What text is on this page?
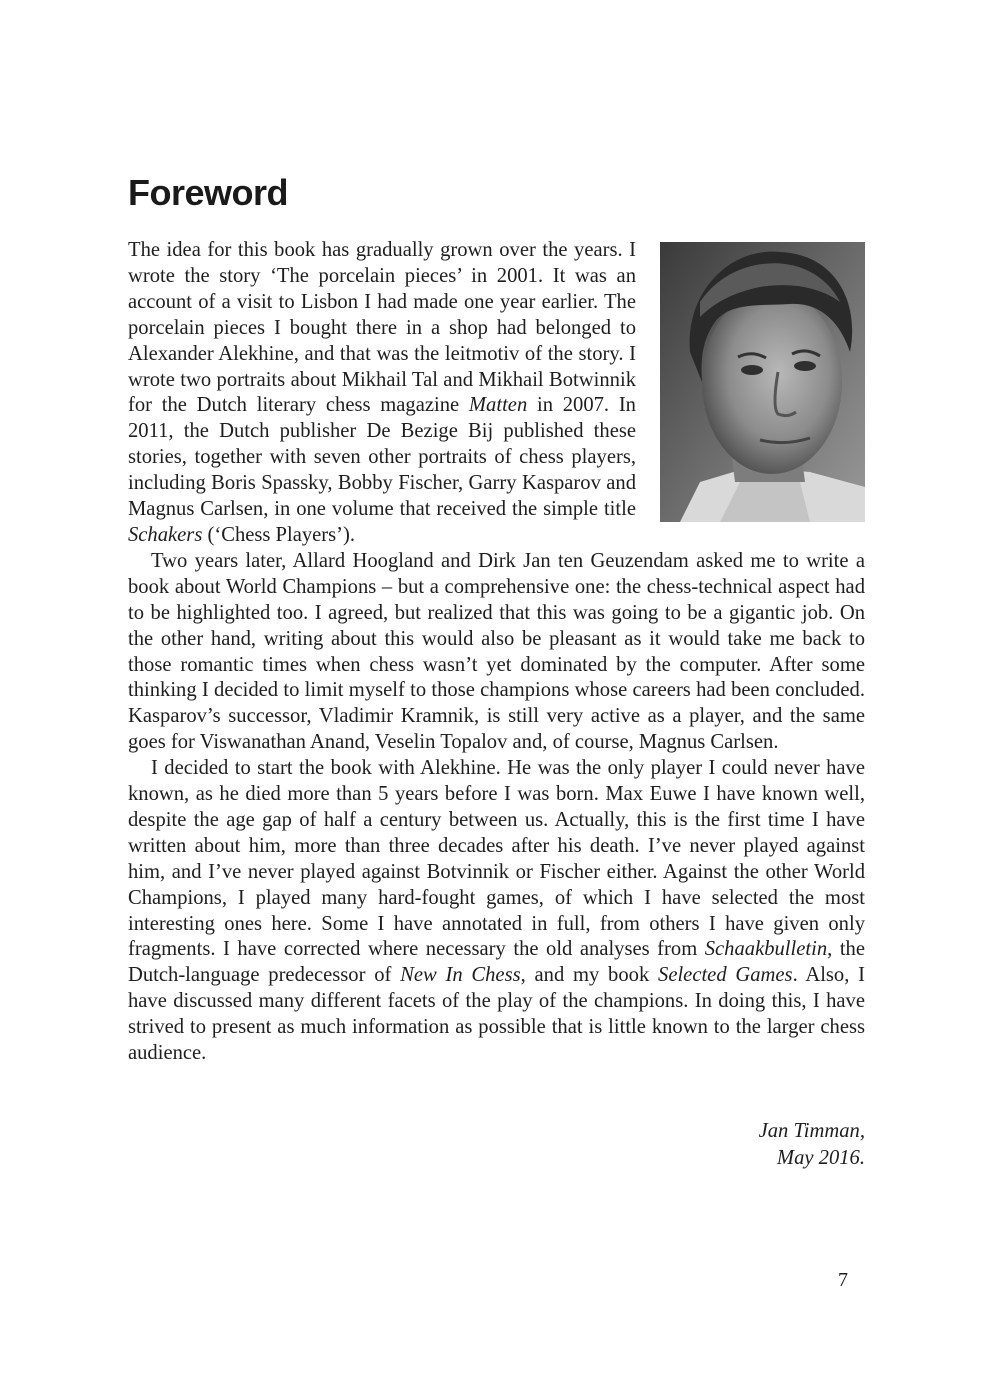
Foreword

The idea for this book has gradually grown over the years. I wrote the story ‘The porcelain pieces’ in 2001. It was an account of a visit to Lisbon I had made one year earlier. The porcelain pieces I bought there in a shop had belonged to Alexander Alekhine, and that was the leitmotiv of the story. I wrote two portraits about Mikhail Tal and Mikhail Botwinnik for the Dutch literary chess magazine Matten in 2007. In 2011, the Dutch publisher De Bezige Bij published these stories, together with seven other portraits of chess players, including Boris Spassky, Bobby Fischer, Garry Kasparov and Magnus Carlsen, in one volume that received the simple title Schakers (‘Chess Players’).

Two years later, Allard Hoogland and Dirk Jan ten Geuzendam asked me to write a book about World Champions – but a comprehensive one: the chess-technical aspect had to be highlighted too. I agreed, but realized that this was going to be a gigantic job. On the other hand, writing about this would also be pleasant as it would take me back to those romantic times when chess wasn’t yet dominated by the computer. After some thinking I decided to limit myself to those champions whose careers had been concluded. Kasparov’s successor, Vladimir Kramnik, is still very active as a player, and the same goes for Viswanathan Anand, Veselin Topalov and, of course, Magnus Carlsen.

I decided to start the book with Alekhine. He was the only player I could never have known, as he died more than 5 years before I was born. Max Euwe I have known well, despite the age gap of half a century between us. Actually, this is the first time I have written about him, more than three decades after his death. I’ve never played against him, and I’ve never played against Botvinnik or Fischer either. Against the other World Champions, I played many hard-fought games, of which I have selected the most interesting ones here. Some I have annotated in full, from others I have given only fragments. I have corrected where necessary the old analyses from Schaakbulletin, the Dutch-language predecessor of New In Chess, and my book Selected Games. Also, I have discussed many different facets of the play of the champions. In doing this, I have strived to present as much information as possible that is little known to the larger chess audience.

Jan Timman,
May 2016.
7
